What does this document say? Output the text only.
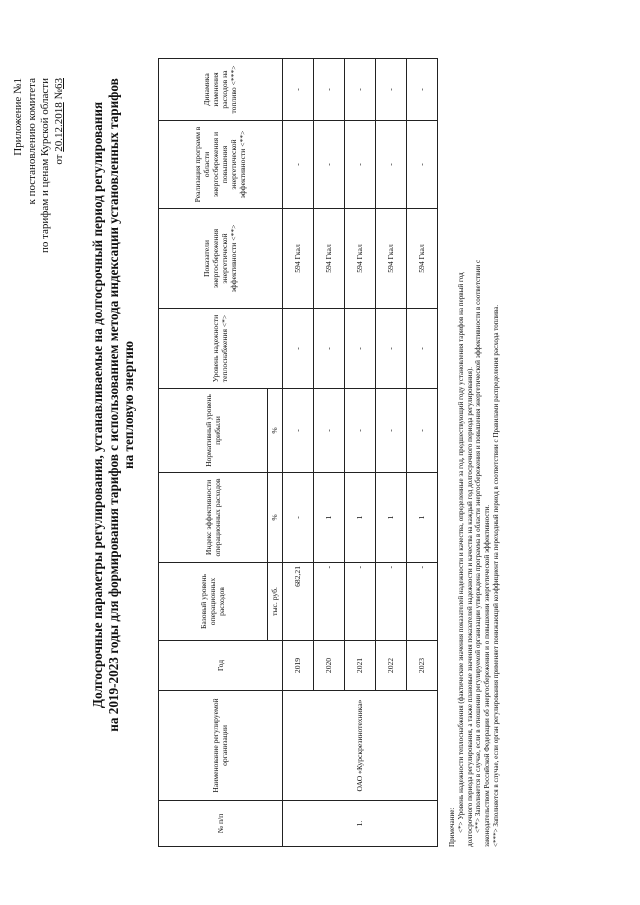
Приложение №1 к постановлению комитета по тарифам и ценам Курской области от 20.12.2018 №63
Долгосрочные параметры регулирования, устанавливаемые на долгосрочный период регулирования на 2019-2023 годы для формирования тарифов с использованием метода индексации установленных тарифов на тепловую энергию
№ п/п	Наименование регулируемой организации	Год	Базовый уровень операционных расходов	Индекс эффективности операционных расходов	Нормативный уровень прибыли	Уровень надежности теплоснабжения <*>	Показатели энергосбережения энергетической эффективности <**>	Реализация программ в области энергосбережения и повышения энергетической эффективности <**>	Динамика изменения расходов на топливо <***>
			тыс. руб.	%	%				
1.	ОАО «Курскрезинотехника»	2019	682,21	-	-	-	594 Гкал	-	-
		2020	-	1	-	-	594 Гкал	-	-
		2021	-	1	-	-	594 Гкал	-	-
		2022	-	1	-	-	594 Гкал	-	-
		2023	-	1	-	-	594 Гкал	-	-
Примечание: <*> Уровень надежности теплоснабжения (фактические значения показателей надежности и качества, определенные за год, предшествующий году установления тарифов на первый год долгосрочного периода регулирования, а также плановые значения показателей надежности и качества на каждый год долгосрочного периода регулирования). <**> Заполняется в случае, если в отношении регулируемой организации утверждена программа в области энергосбережения и повышения энергетической эффективности в соответствии с законодательством Российской Федерации об энергосбережении и о повышении энергетической эффективности. <***> Заполняется в случае, если орган регулирования применяет понижающий коэффициент на переходный период в соответствии с Правилами распределения расхода топлива.
